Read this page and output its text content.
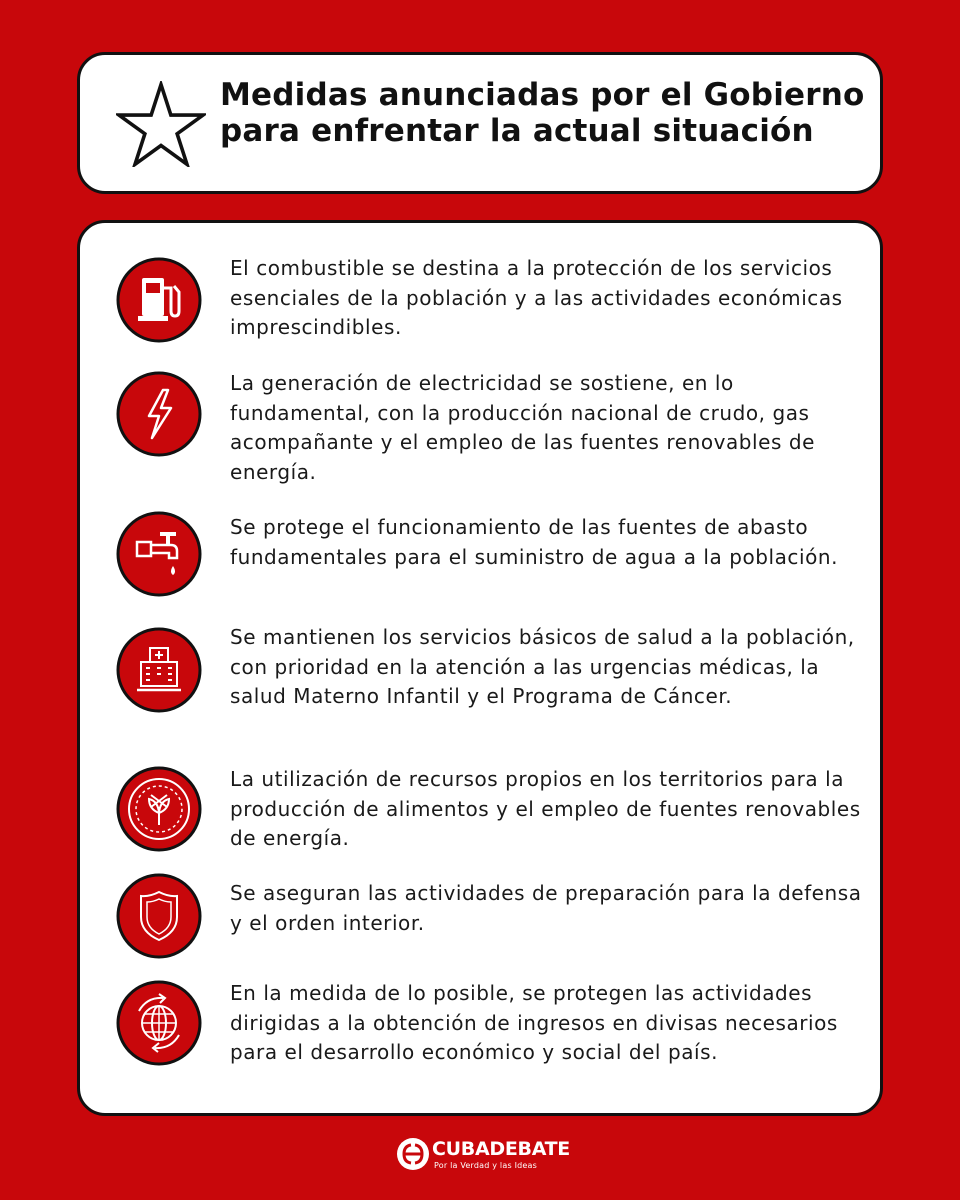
Medidas anunciadas por el Gobierno para enfrentar la actual situación
El combustible se destina a la protección de los servicios esenciales de la población y a las actividades económicas imprescindibles.
La generación de electricidad se sostiene, en lo fundamental, con la producción nacional de crudo, gas acompañante y el empleo de las fuentes renovables de energía.
Se protege el funcionamiento de las fuentes de abasto fundamentales para el suministro de agua a la población.
Se mantienen los servicios básicos de salud a la población, con prioridad en la atención a las urgencias médicas, la salud Materno Infantil y el Programa de Cáncer.
La utilización de recursos propios en los territorios para la producción de alimentos y el empleo de fuentes renovables de energía.
Se aseguran las actividades de preparación para la defensa y el orden interior.
En la medida de lo posible, se protegen las actividades dirigidas a la obtención de ingresos en divisas necesarios para el desarrollo económico y social del país.
CUBADEBATE
Por la Verdad y las Ideas
